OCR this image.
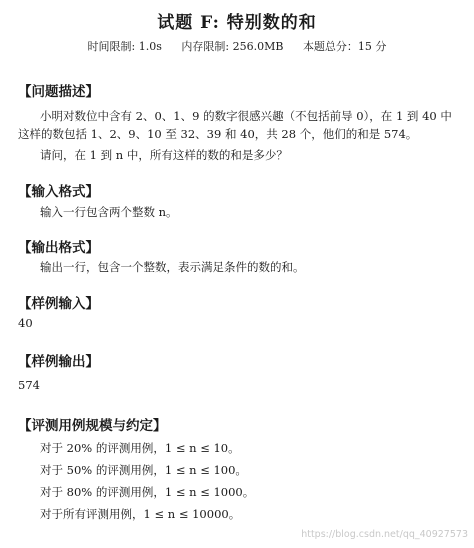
试题 F: 特别数的和
时间限制: 1.0s 内存限制: 256.0MB 本题总分：15 分
【问题描述】
小明对数位中含有 2、0、1、9 的数字很感兴趣（不包括前导 0），在 1 到 40 中这样的数包括 1、2、9、10 至 32、39 和 40，共 28 个，他们的和是 574。
请问，在 1 到 n 中，所有这样的数的和是多少？
【输入格式】
输入一行包含两个整数 n。
【输出格式】
输出一行，包含一个整数，表示满足条件的数的和。
【样例输入】
40
【样例输出】
574
【评测用例规模与约定】
对于 20% 的评测用例，1 ≤ n ≤ 10。
对于 50% 的评测用例，1 ≤ n ≤ 100。
对于 80% 的评测用例，1 ≤ n ≤ 1000。
对于所有评测用例，1 ≤ n ≤ 10000。
https://blog.csdn.net/qq_40927573
